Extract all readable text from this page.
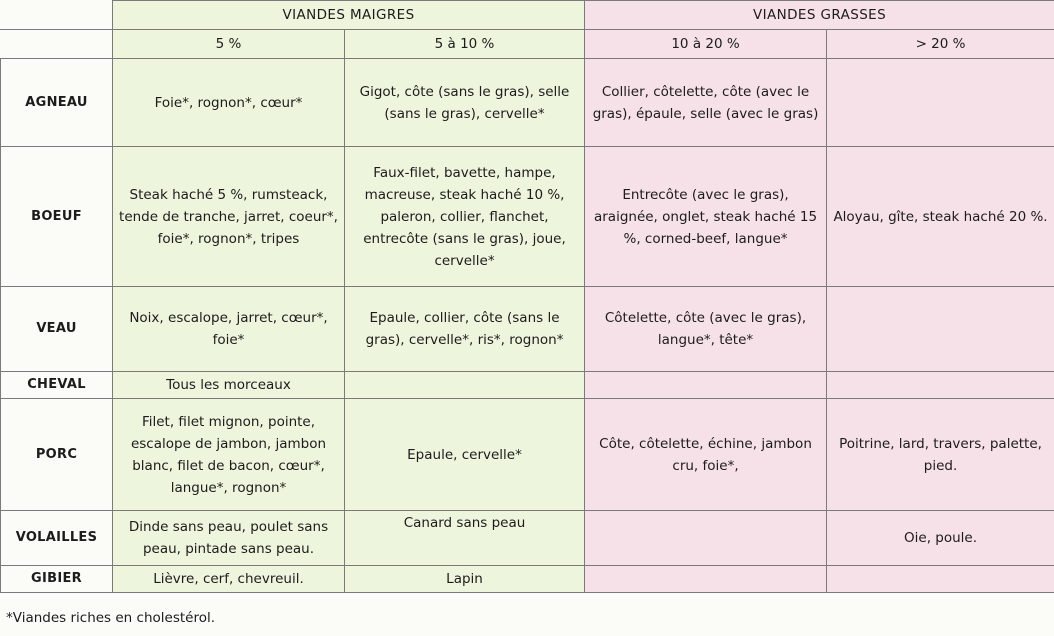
	VIANDES MAIGRES		VIANDES GRASSES	
	5 %	5 à 10 %	10 à 20 %	> 20 %
AGNEAU	Foie*, rognon*, cœur*	Gigot, côte (sans le gras), selle (sans le gras), cervelle*	Collier, côtelette, côte (avec le gras), épaule, selle (avec le gras)	
BOEUF	Steak haché 5 %, rumsteack, tende de tranche, jarret, coeur*, foie*, rognon*, tripes	Faux-filet, bavette, hampe, macreuse, steak haché 10 %, paleron, collier, flanchet, entrecôte (sans le gras), joue, cervelle*	Entrecôte (avec le gras), araignée, onglet, steak haché 15 %, corned-beef, langue*	Aloyau, gîte, steak haché 20 %.
VEAU	Noix, escalope, jarret, cœur*, foie*	Epaule, collier, côte (sans le gras), cervelle*, ris*, rognon*	Côtelette, côte (avec le gras), langue*, tête*	
CHEVAL	Tous les morceaux			
PORC	Filet, filet mignon, pointe, escalope de jambon, jambon blanc, filet de bacon, cœur*, langue*, rognon*	Epaule, cervelle*	Côte, côtelette, échine, jambon cru, foie*,	Poitrine, lard, travers, palette, pied.
VOLAILLES	Dinde sans peau, poulet sans peau, pintade sans peau.	Canard sans peau		Oie, poule.
GIBIER	Lièvre, cerf, chevreuil.	Lapin		
*Viandes riches en cholestérol.
